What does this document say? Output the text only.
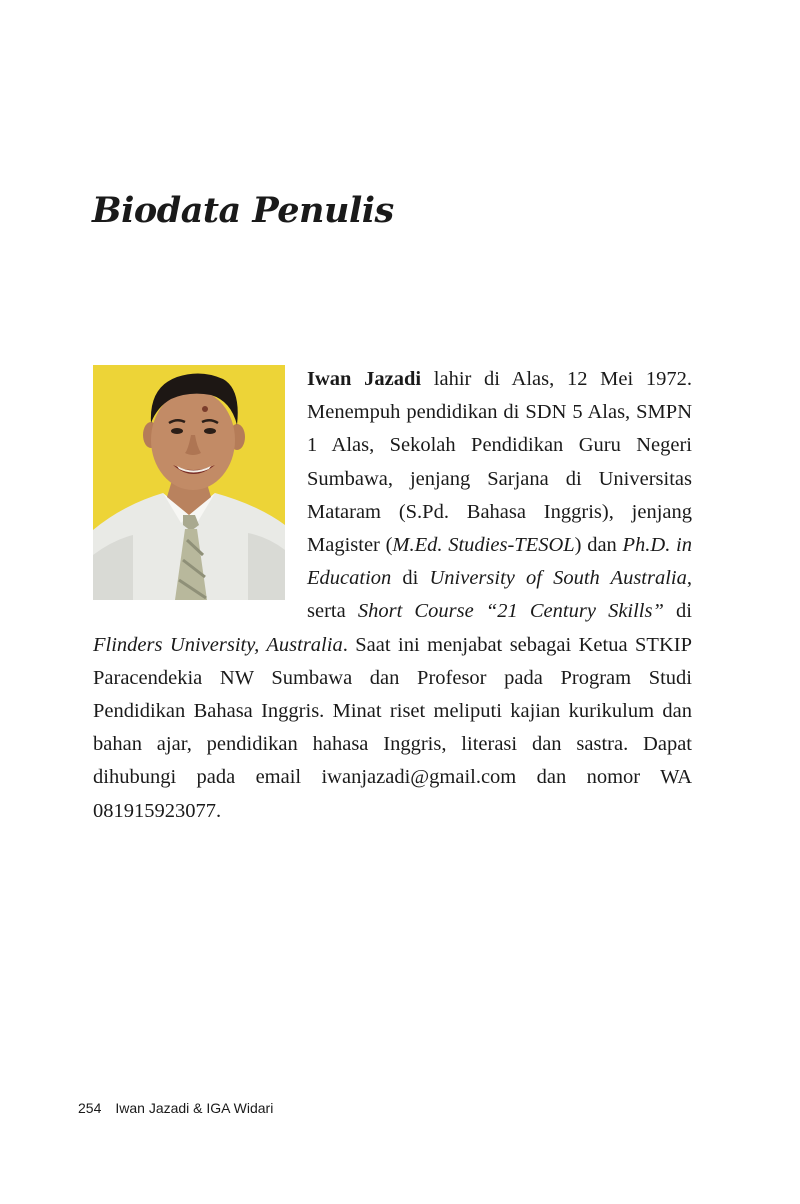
Biodata Penulis

Iwan Jazadi lahir di Alas, 12 Mei 1972. Menempuh pendidikan di SDN 5 Alas, SMPN 1 Alas, Sekolah Pendidikan Guru Negeri Sumbawa, jenjang Sarjana di Universitas Mataram (S.Pd. Bahasa Inggris), jenjang Magister (M.Ed. Studies-TESOL) dan Ph.D. in Education di University of South Australia, serta Short Course “21 Century Skills” di Flinders University, Australia. Saat ini menjabat sebagai Ketua STKIP Paracendekia NW Sumbawa dan Profesor pada Program Studi Pendidikan Bahasa Inggris. Minat riset meliputi kajian kurikulum dan bahan ajar, pendidikan hahasa Inggris, literasi dan sastra. Dapat dihubungi pada email iwanjazadi@gmail.com dan nomor WA 081915923077.

254 Iwan Jazadi & IGA Widari
